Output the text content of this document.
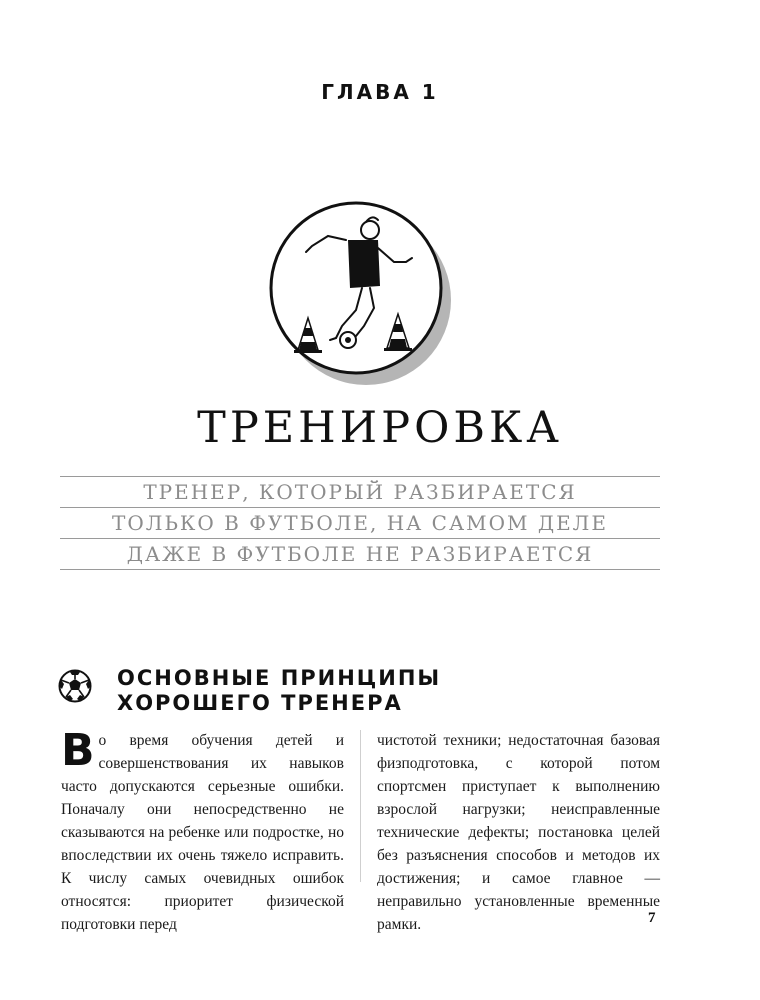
ГЛАВА 1
ТРЕНИРОВКА
ТРЕНЕР, КОТОРЫЙ РАЗБИРАЕТСЯ
ТОЛЬКО В ФУТБОЛЕ, НА САМОМ ДЕЛЕ
ДАЖЕ В ФУТБОЛЕ НЕ РАЗБИРАЕТСЯ
ОСНОВНЫЕ ПРИНЦИПЫ
ХОРОШЕГО ТРЕНЕРА
В о время обучения детей и совершенствования их навыков часто допускаются серьезные ошибки. Поначалу они непосредственно не сказываются на ребенке или подростке, но впоследствии их очень тяжело исправить. К числу самых очевидных ошибок относятся: приоритет физической подготовки перед
чистотой техники; недостаточная базовая физподготовка, с которой потом спортсмен приступает к выполнению взрослой нагрузки; неисправленные технические дефекты; постановка целей без разъяснения способов и методов их достижения; и самое главное — неправильно установленные временные рамки.	7
